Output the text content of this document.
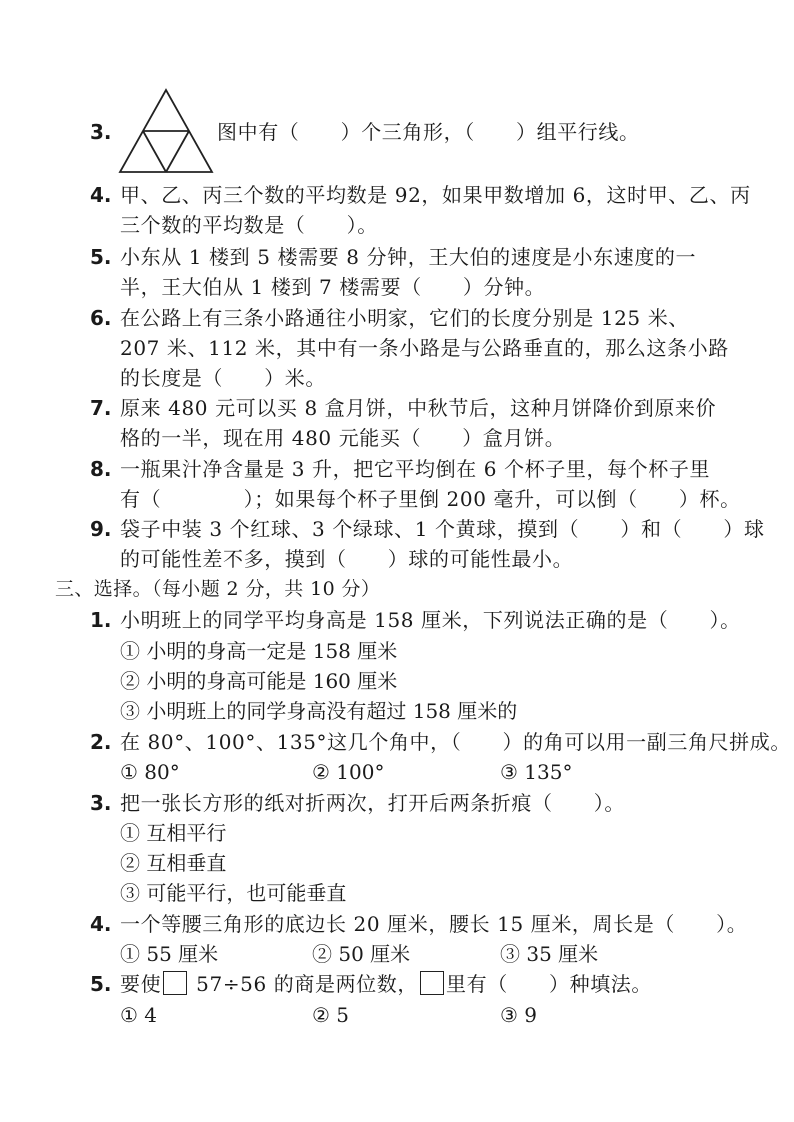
3.	图中有（　　）个三角形，（　　）组平行线。
4. 甲、乙、丙三个数的平均数是 92，如果甲数增加 6，这时甲、乙、丙
三个数的平均数是（　　）。
5. 小东从 1 楼到 5 楼需要 8 分钟，王大伯的速度是小东速度的一
半，王大伯从 1 楼到 7 楼需要（　　）分钟。
6. 在公路上有三条小路通往小明家，它们的长度分别是 125 米、
207 米、112 米，其中有一条小路是与公路垂直的，那么这条小路
的长度是（　　）米。
7. 原来 480 元可以买 8 盒月饼，中秋节后，这种月饼降价到原来价
格的一半，现在用 480 元能买（　　）盒月饼。
8. 一瓶果汁净含量是 3 升，把它平均倒在 6 个杯子里，每个杯子里
有（　　　　）；如果每个杯子里倒 200 毫升，可以倒（　　）杯。
9. 袋子中装 3 个红球、3 个绿球、1 个黄球，摸到（　　）和（　　）球
的可能性差不多，摸到（　　）球的可能性最小。
三、选择。（每小题 2 分，共 10 分）
1. 小明班上的同学平均身高是 158 厘米，下列说法正确的是（　　）。
① 小明的身高一定是 158 厘米
② 小明的身高可能是 160 厘米
③ 小明班上的同学身高没有超过 158 厘米的
2. 在 80°、100°、135°这几个角中，（　　）的角可以用一副三角尺拼成。
① 80°	② 100°	③ 135°
3. 把一张长方形的纸对折两次，打开后两条折痕（　　）。
① 互相平行
② 互相垂直
③ 可能平行，也可能垂直
4. 一个等腰三角形的底边长 20 厘米，腰长 15 厘米，周长是（　　）。
① 55 厘米	② 50 厘米	③ 35 厘米
5. 要使 57÷56 的商是两位数， 里有（　　）种填法。
① 4	② 5	③ 9
